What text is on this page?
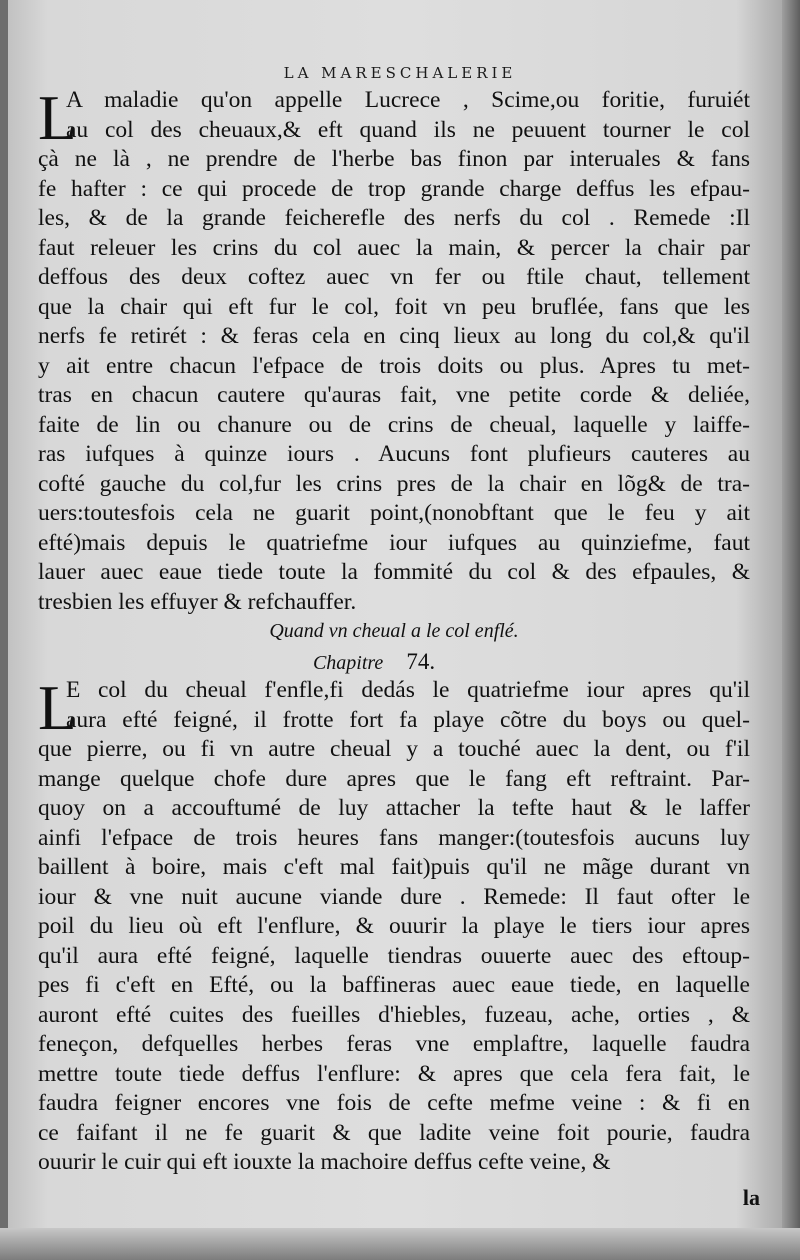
LA MARESCHALERIE
L
A maladie qu'on appelle Lucrece , Scime,ou foritie, furuiét
au col des cheuaux,& eft quand ils ne peuuent tourner le col
çà ne là , ne prendre de l'herbe bas finon par interuales & fans
fe hafter : ce qui procede de trop grande charge deffus les efpau-
les, & de la grande feicherefle des nerfs du col . Remede :Il
faut releuer les crins du col auec la main, & percer la chair par
deffous des deux coftez auec vn fer ou ftile chaut, tellement
que la chair qui eft fur le col, foit vn peu bruflée, fans que les
nerfs fe retirét : & feras cela en cinq lieux au long du col,& qu'il
y ait entre chacun l'efpace de trois doits ou plus. Apres tu met-
tras en chacun cautere qu'auras fait, vne petite corde & deliée,
faite de lin ou chanure ou de crins de cheual, laquelle y laiffe-
ras iufques à quinze iours . Aucuns font plufieurs cauteres au
cofté gauche du col,fur les crins pres de la chair en lõg& de tra-
uers:toutesfois cela ne guarit point,(nonobftant que le feu y ait
efté)mais depuis le quatriefme iour iufques au quinziefme, faut
lauer auec eaue tiede toute la fommité du col & des efpaules, &
tresbien les effuyer & refchauffer.
Quand vn cheual a le col enflé.
Chapitre 74.
L
E col du cheual f'enfle,fi dedás le quatriefme iour apres qu'il
aura efté feigné, il frotte fort fa playe cõtre du boys ou quel-
que pierre, ou fi vn autre cheual y a touché auec la dent, ou f'il
mange quelque chofe dure apres que le fang eft reftraint. Par-
quoy on a accouftumé de luy attacher la tefte haut & le laffer
ainfi l'efpace de trois heures fans manger:(toutesfois aucuns luy
baillent à boire, mais c'eft mal fait)puis qu'il ne mãge durant vn
iour & vne nuit aucune viande dure . Remede: Il faut ofter le
poil du lieu où eft l'enflure, & ouurir la playe le tiers iour apres
qu'il aura efté feigné, laquelle tiendras ouuerte auec des eftoup-
pes fi c'eft en Efté, ou la baffineras auec eaue tiede, en laquelle
auront efté cuites des fueilles d'hiebles, fuzeau, ache, orties , &
feneçon, defquelles herbes feras vne emplaftre, laquelle faudra
mettre toute tiede deffus l'enflure: & apres que cela fera fait, le
faudra feigner encores vne fois de cefte mefme veine : & fi en
ce faifant il ne fe guarit & que ladite veine foit pourie, faudra
ouurir le cuir qui eft iouxte la machoire deffus cefte veine, &
la
